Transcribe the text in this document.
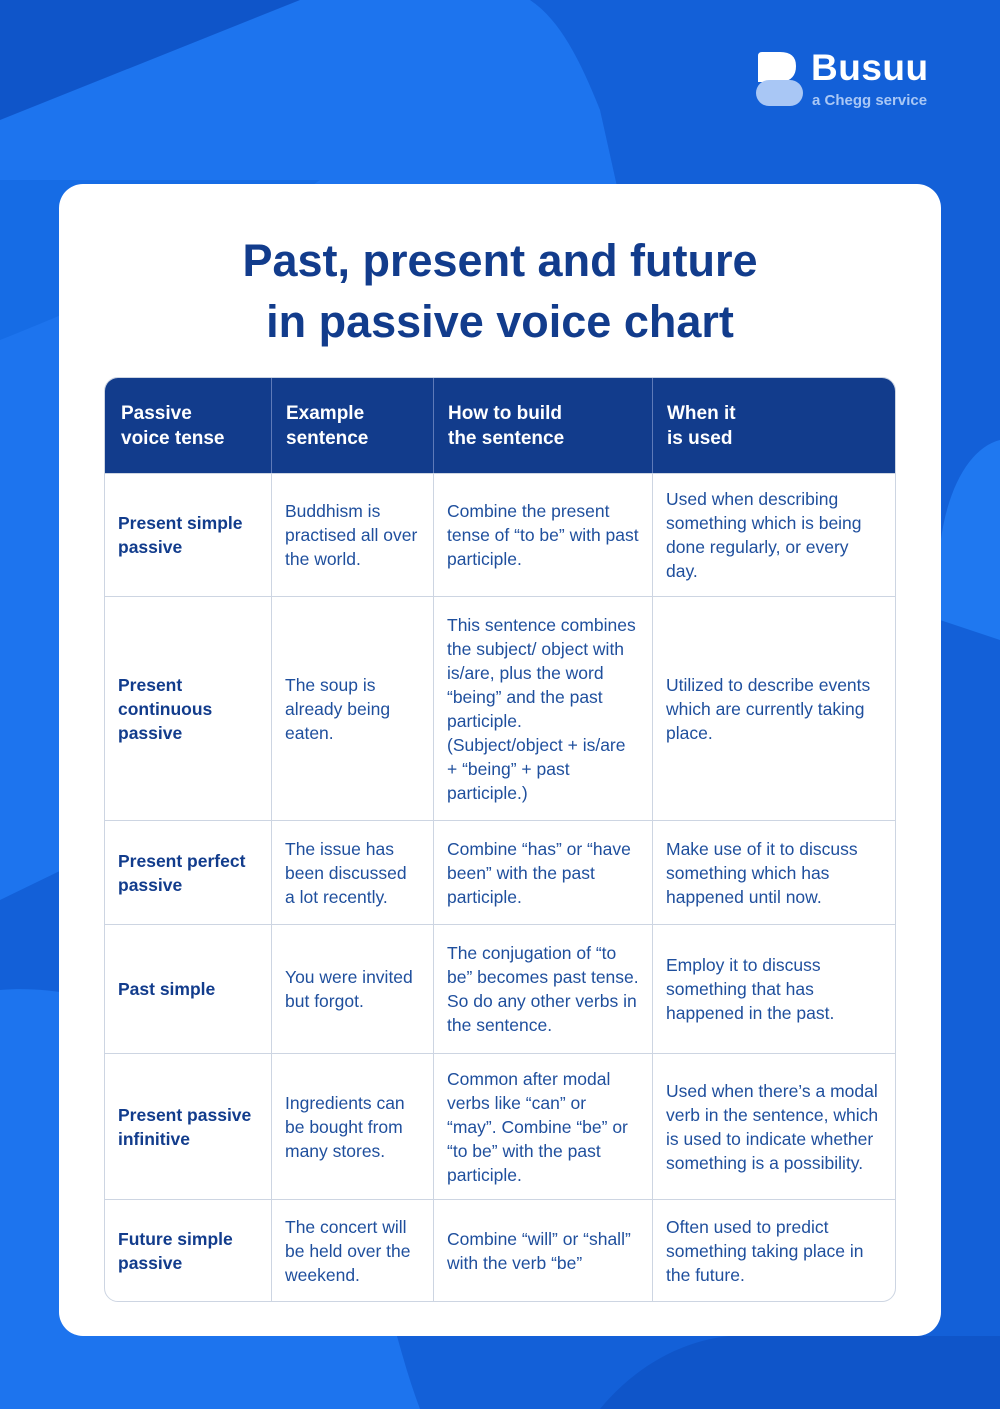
Busuu
a Chegg service
Past, present and future
in passive voice chart
Passive
voice tense
Example
sentence
How to build
the sentence
When it
is used
Present simple passive
Buddhism is practised all over the world.
Combine the present tense of “to be” with past participle.
Used when describing something which is being done regularly, or every day.
Present continuous passive
The soup is already being eaten.
This sentence combines the subject/ object with is/are, plus the word “being” and the past participle. (Subject/object + is/are + “being” + past participle.)
Utilized to describe events which are currently taking place.
Present perfect passive
The issue has been discussed a lot recently.
Combine “has” or “have been” with the past participle.
Make use of it to discuss something which has happened until now.
Past simple
You were invited but forgot.
The conjugation of “to be” becomes past tense. So do any other verbs in the sentence.
Employ it to discuss something that has happened in the past.
Present passive infinitive
Ingredients can be bought from many stores.
Common after modal verbs like “can” or “may”. Combine “be” or “to be” with the past participle.
Used when there’s a modal verb in the sentence, which is used to indicate whether something is a possibility.
Future simple passive
The concert will be held over the weekend.
Combine “will” or “shall” with the verb “be”
Often used to predict something taking place in the future.
